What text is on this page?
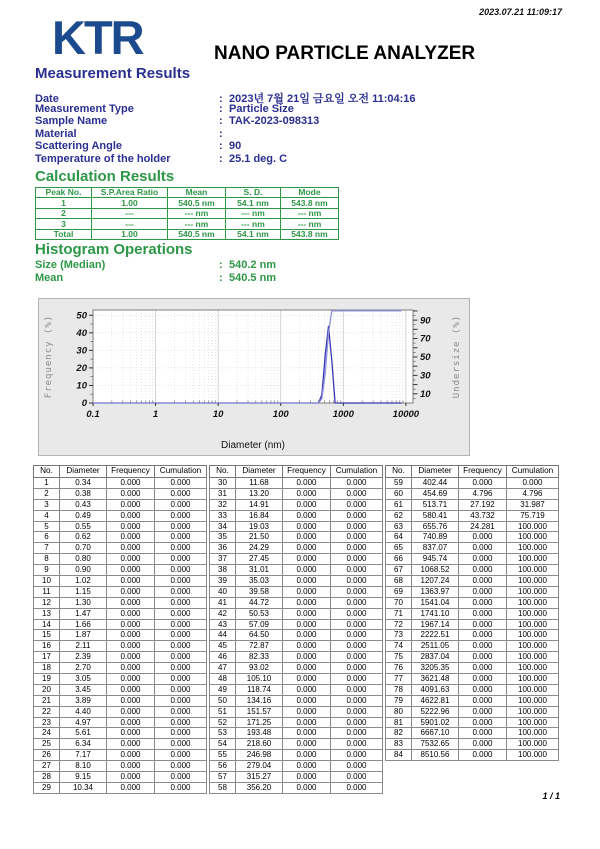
2023.07.21 11:09:17
KTR	NANO PARTICLE ANALYZER
Measurement Results
Date	: 2023년 7월 21일 금요일 오전 11:04:16
Measurement Type	: Particle Size
Sample Name	: TAK-2023-098313
Material	:
Scattering Angle	: 90
Temperature of the holder	: 25.1 deg. C
Calculation Results
Peak No.	S.P.Area Ratio	Mean	S. D.	Mode
1	1.00	540.5 nm	54.1 nm	543.8 nm
2	---	--- nm	--- nm	--- nm
3	---	--- nm	--- nm	--- nm
Total	1.00	540.5 nm	54.1 nm	543.8 nm
Histogram Operations
Size (Median)	: 540.2 nm
Mean	: 540.5 nm
0.1	1	10	100	1000	10000
0
10
20
30
40
50
10
30
50
70
90
Frequency (%)	Undersize (%)
Diameter (nm)
No.	Diameter	Frequency	Cumulation
1	0.34	0.000	0.000
2	0.38	0.000	0.000
3	0.43	0.000	0.000
4	0.49	0.000	0.000
5	0.55	0.000	0.000
6	0.62	0.000	0.000
7	0.70	0.000	0.000
8	0.80	0.000	0.000
9	0.90	0.000	0.000
10	1.02	0.000	0.000
11	1.15	0.000	0.000
12	1.30	0.000	0.000
13	1.47	0.000	0.000
14	1.66	0.000	0.000
15	1.87	0.000	0.000
16	2.11	0.000	0.000
17	2.39	0.000	0.000
18	2.70	0.000	0.000
19	3.05	0.000	0.000
20	3.45	0.000	0.000
21	3.89	0.000	0.000
22	4.40	0.000	0.000
23	4.97	0.000	0.000
24	5.61	0.000	0.000
25	6.34	0.000	0.000
26	7.17	0.000	0.000
27	8.10	0.000	0.000
28	9.15	0.000	0.000
29	10.34	0.000	0.000
No.	Diameter	Frequency	Cumulation
30	11.68	0.000	0.000
31	13.20	0.000	0.000
32	14.91	0.000	0.000
33	16.84	0.000	0.000
34	19.03	0.000	0.000
35	21.50	0.000	0.000
36	24.29	0.000	0.000
37	27.45	0.000	0.000
38	31.01	0.000	0.000
39	35.03	0.000	0.000
40	39.58	0.000	0.000
41	44.72	0.000	0.000
42	50.53	0.000	0.000
43	57.09	0.000	0.000
44	64.50	0.000	0.000
45	72.87	0.000	0.000
46	82.33	0.000	0.000
47	93.02	0.000	0.000
48	105.10	0.000	0.000
49	118.74	0.000	0.000
50	134.16	0.000	0.000
51	151.57	0.000	0.000
52	171.25	0.000	0.000
53	193.48	0.000	0.000
54	218.60	0.000	0.000
55	246.98	0.000	0.000
56	279.04	0.000	0.000
57	315.27	0.000	0.000
58	356.20	0.000	0.000
No.	Diameter	Frequency	Cumulation
59	402.44	0.000	0.000
60	454.69	4.796	4.796
61	513.71	27.192	31.987
62	580.41	43.732	75.719
63	655.76	24.281	100.000
64	740.89	0.000	100.000
65	837.07	0.000	100.000
66	945.74	0.000	100.000
67	1068.52	0.000	100.000
68	1207.24	0.000	100.000
69	1363.97	0.000	100.000
70	1541.04	0.000	100.000
71	1741.10	0.000	100.000
72	1967.14	0.000	100.000
73	2222.51	0.000	100.000
74	2511.05	0.000	100.000
75	2837.04	0.000	100.000
76	3205.35	0.000	100.000
77	3621.48	0.000	100.000
78	4091.63	0.000	100.000
79	4622.81	0.000	100.000
80	5222.96	0.000	100.000
81	5901.02	0.000	100.000
82	6667.10	0.000	100.000
83	7532.65	0.000	100.000
84	8510.56	0.000	100.000
1 / 1
